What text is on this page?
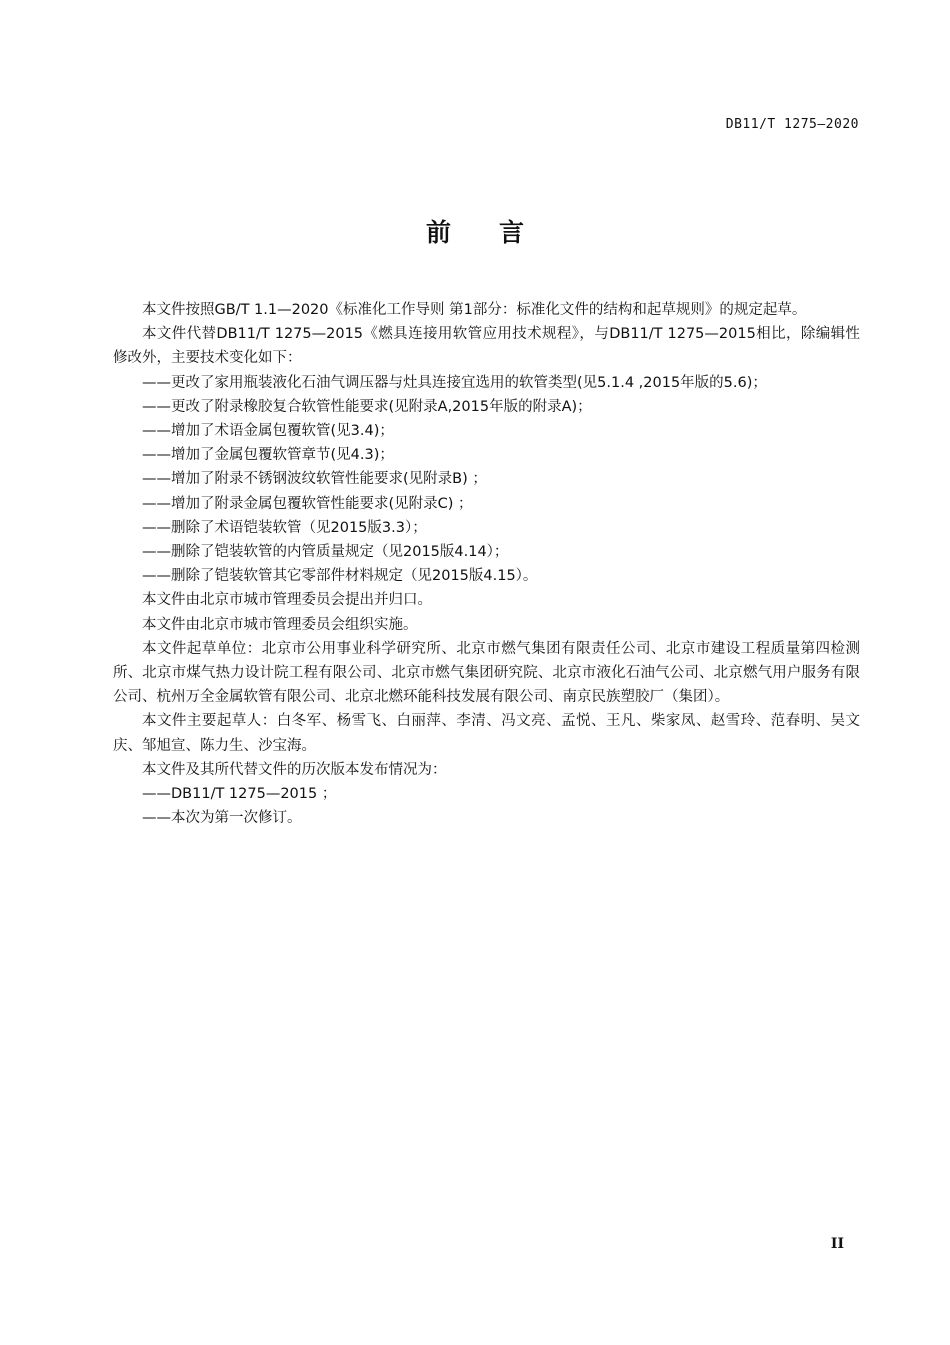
DB11/T 1275—2020
前言

本文件按照GB/T 1.1—2020《标准化工作导则 第1部分：标准化文件的结构和起草规则》的规定起草。

本文件代替DB11/T 1275—2015《燃具连接用软管应用技术规程》，与DB11/T 1275—2015相比，除编辑性修改外，主要技术变化如下：

——更改了家用瓶装液化石油气调压器与灶具连接宜选用的软管类型(见5.1.4 ,2015年版的5.6)；

——更改了附录橡胶复合软管性能要求(见附录A,2015年版的附录A)；

——增加了术语金属包覆软管(见3.4)；

——增加了金属包覆软管章节(见4.3)；

——增加了附录不锈钢波纹软管性能要求(见附录B) ；

——增加了附录金属包覆软管性能要求(见附录C) ；

——删除了术语铠装软管（见2015版3.3）；

——删除了铠装软管的内管质量规定（见2015版4.14）；

——删除了铠装软管其它零部件材料规定（见2015版4.15）。

本文件由北京市城市管理委员会提出并归口。

本文件由北京市城市管理委员会组织实施。

本文件起草单位：北京市公用事业科学研究所、北京市燃气集团有限责任公司、北京市建设工程质量第四检测所、北京市煤气热力设计院工程有限公司、北京市燃气集团研究院、北京市液化石油气公司、北京燃气用户服务有限公司、杭州万全金属软管有限公司、北京北燃环能科技发展有限公司、南京民族塑胶厂（集团）。

本文件主要起草人：白冬军、杨雪飞、白丽萍、李清、冯文亮、孟悦、王凡、柴家凤、赵雪玲、范春明、吴文庆、邹旭宣、陈力生、沙宝海。

本文件及其所代替文件的历次版本发布情况为：

——DB11/T 1275—2015 ；

——本次为第一次修订。

II
